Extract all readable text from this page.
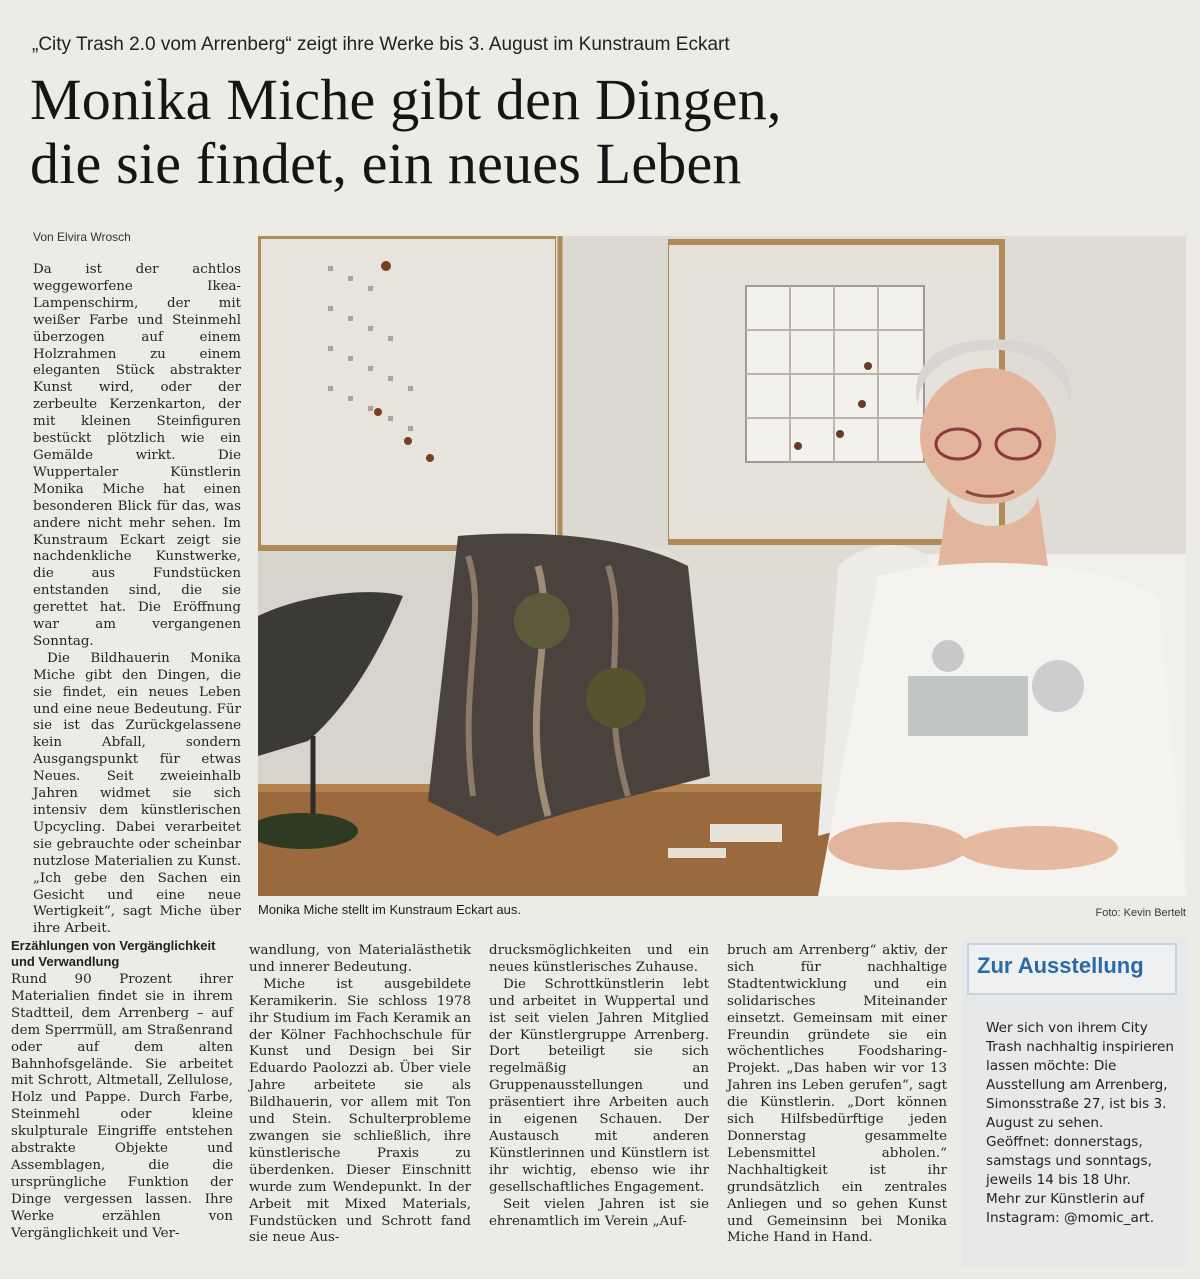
„City Trash 2.0 vom Arrenberg“ zeigt ihre Werke bis 3. August im Kunstraum Eckart
Monika Miche gibt den Dingen,
die sie findet, ein neues Leben
Von Elvira Wrosch

Da ist der achtlos weggeworfene Ikea-Lampenschirm, der mit weißer Farbe und Steinmehl überzogen auf einem Holzrahmen zu einem eleganten Stück abstrakter Kunst wird, oder der zerbeulte Kerzenkarton, der mit kleinen Steinfiguren bestückt plötzlich wie ein Gemälde wirkt. Die Wuppertaler Künstlerin Monika Miche hat einen besonderen Blick für das, was andere nicht mehr sehen. Im Kunstraum Eckart zeigt sie nachdenkliche Kunstwerke, die aus Fundstücken entstanden sind, die sie gerettet hat. Die Eröffnung war am vergangenen Sonntag.

Die Bildhauerin Monika Miche gibt den Dingen, die sie findet, ein neues Leben und eine neue Bedeutung. Für sie ist das Zurückgelassene kein Abfall, sondern Ausgangspunkt für etwas Neues. Seit zweieinhalb Jahren widmet sie sich intensiv dem künstlerischen Upcycling. Dabei verarbeitet sie gebrauchte oder scheinbar nutzlose Materialien zu Kunst. „Ich gebe den Sachen ein Gesicht und eine neue Wertigkeit“, sagt Miche über ihre Arbeit.

Monika Miche stellt im Kunstraum Eckart aus.	Foto: Kevin Bertelt
Erzählungen von Vergänglichkeit und Verwandlung

Rund 90 Prozent ihrer Materialien findet sie in ihrem Stadtteil, dem Arrenberg – auf dem Sperrmüll, am Straßenrand oder auf dem alten Bahnhofsgelände. Sie arbeitet mit Schrott, Altmetall, Zellulose, Holz und Pappe. Durch Farbe, Steinmehl oder kleine skulpturale Eingriffe entstehen abstrakte Objekte und Assemblagen, die die ursprüngliche Funktion der Dinge vergessen lassen. Ihre Werke erzählen von Vergänglichkeit und Ver-

wandlung, von Materialästhetik und innerer Bedeutung.

Miche ist ausgebildete Keramikerin. Sie schloss 1978 ihr Studium im Fach Keramik an der Kölner Fachhochschule für Kunst und Design bei Sir Eduardo Paolozzi ab. Über viele Jahre arbeitete sie als Bildhauerin, vor allem mit Ton und Stein. Schulterprobleme zwangen sie schließlich, ihre künstlerische Praxis zu überdenken. Dieser Einschnitt wurde zum Wendepunkt. In der Arbeit mit Mixed Materials, Fundstücken und Schrott fand sie neue Aus-

drucksmöglichkeiten und ein neues künstlerisches Zuhause.

Die Schrottkünstlerin lebt und arbeitet in Wuppertal und ist seit vielen Jahren Mitglied der Künstlergruppe Arrenberg. Dort beteiligt sie sich regelmäßig an Gruppenausstellungen und präsentiert ihre Arbeiten auch in eigenen Schauen. Der Austausch mit anderen Künstlerinnen und Künstlern ist ihr wichtig, ebenso wie ihr gesellschaftliches Engagement.

Seit vielen Jahren ist sie ehrenamtlich im Verein „Auf-

bruch am Arrenberg“ aktiv, der sich für nachhaltige Stadtentwicklung und ein solidarisches Miteinander einsetzt. Gemeinsam mit einer Freundin gründete sie ein wöchentliches Foodsharing-Projekt. „Das haben wir vor 13 Jahren ins Leben gerufen“, sagt die Künstlerin. „Dort können sich Hilfsbedürftige jeden Donnerstag gesammelte Lebensmittel abholen.“ Nachhaltigkeit ist ihr grundsätzlich ein zentrales Anliegen und so gehen Kunst und Gemeinsinn bei Monika Miche Hand in Hand.

Zur Ausstellung

Wer sich von ihrem City Trash nachhaltig inspirieren lassen möchte: Die Ausstellung am Arrenberg, Simonsstraße 27, ist bis 3. August zu sehen.

Geöffnet: donnerstags, samstags und sonntags, jeweils 14 bis 18 Uhr.

Mehr zur Künstlerin auf Instagram: @momic_art.
